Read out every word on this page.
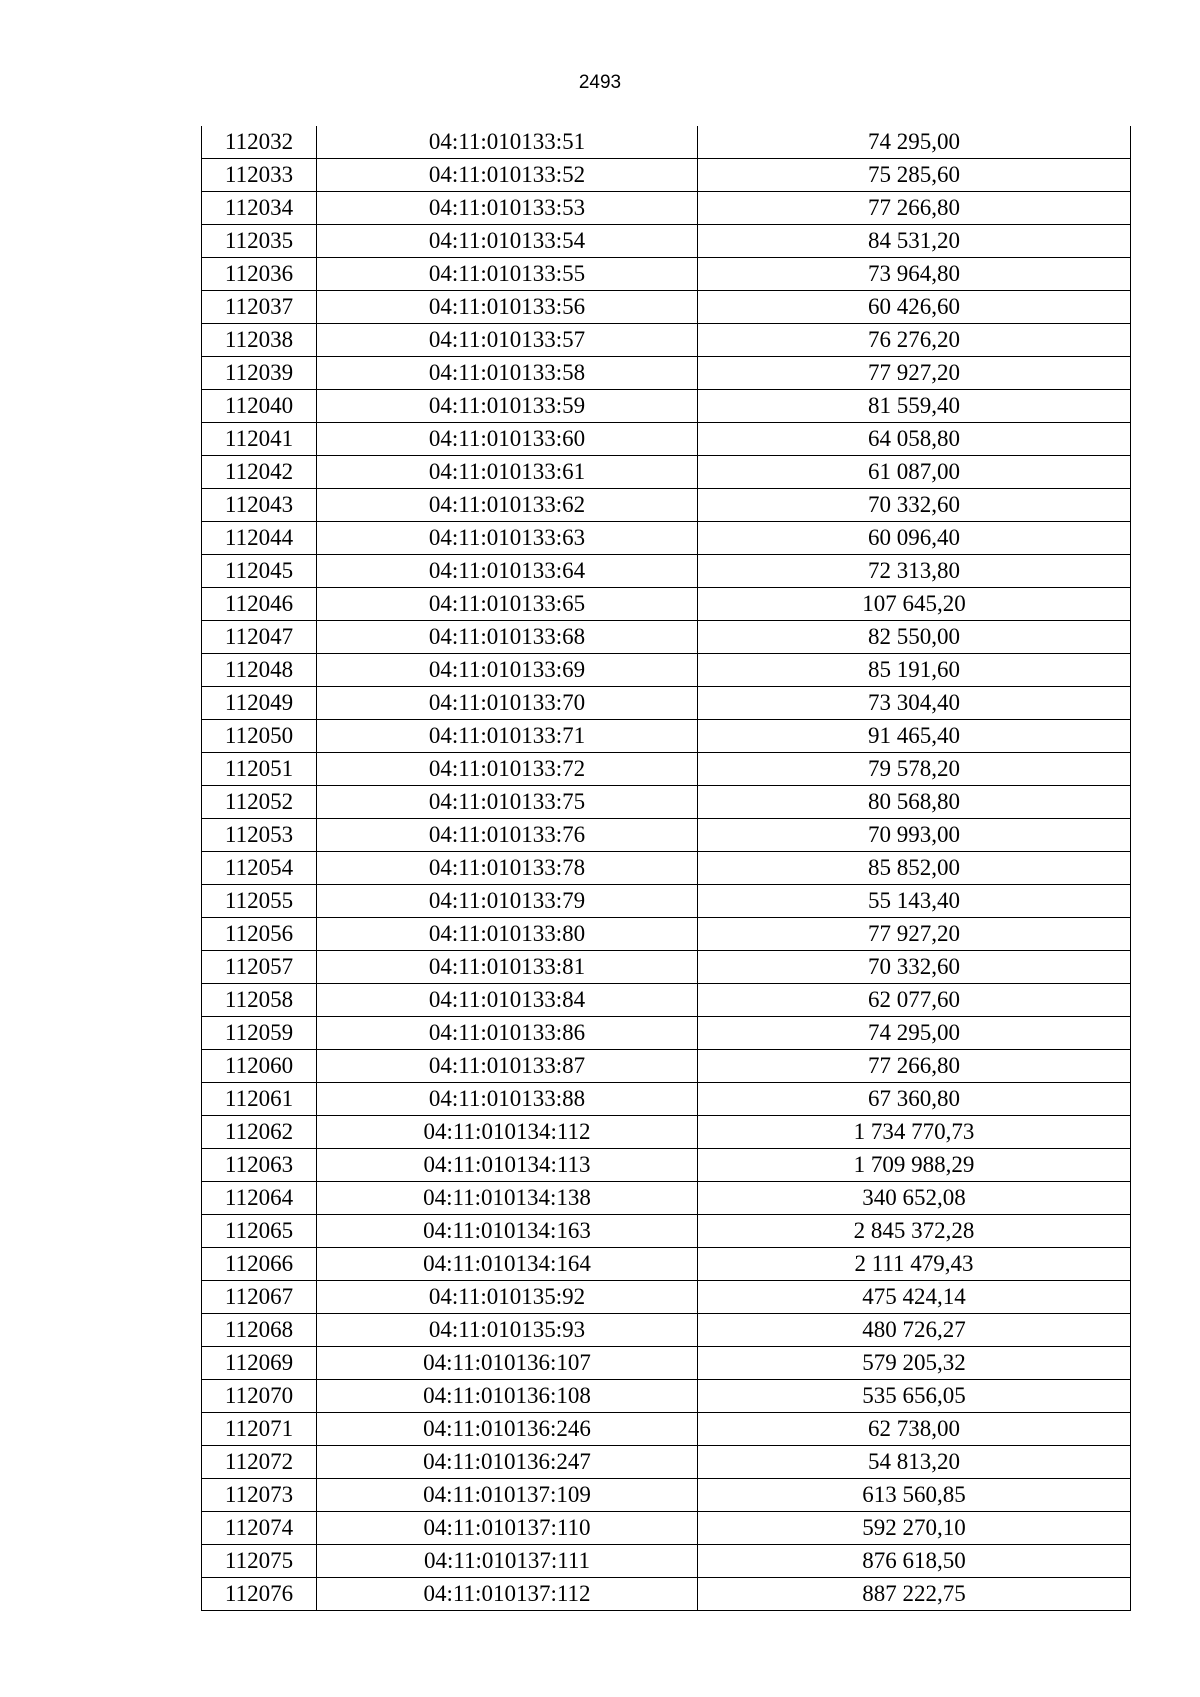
2493
112032	04:11:010133:51	74 295,00
112033	04:11:010133:52	75 285,60
112034	04:11:010133:53	77 266,80
112035	04:11:010133:54	84 531,20
112036	04:11:010133:55	73 964,80
112037	04:11:010133:56	60 426,60
112038	04:11:010133:57	76 276,20
112039	04:11:010133:58	77 927,20
112040	04:11:010133:59	81 559,40
112041	04:11:010133:60	64 058,80
112042	04:11:010133:61	61 087,00
112043	04:11:010133:62	70 332,60
112044	04:11:010133:63	60 096,40
112045	04:11:010133:64	72 313,80
112046	04:11:010133:65	107 645,20
112047	04:11:010133:68	82 550,00
112048	04:11:010133:69	85 191,60
112049	04:11:010133:70	73 304,40
112050	04:11:010133:71	91 465,40
112051	04:11:010133:72	79 578,20
112052	04:11:010133:75	80 568,80
112053	04:11:010133:76	70 993,00
112054	04:11:010133:78	85 852,00
112055	04:11:010133:79	55 143,40
112056	04:11:010133:80	77 927,20
112057	04:11:010133:81	70 332,60
112058	04:11:010133:84	62 077,60
112059	04:11:010133:86	74 295,00
112060	04:11:010133:87	77 266,80
112061	04:11:010133:88	67 360,80
112062	04:11:010134:112	1 734 770,73
112063	04:11:010134:113	1 709 988,29
112064	04:11:010134:138	340 652,08
112065	04:11:010134:163	2 845 372,28
112066	04:11:010134:164	2 111 479,43
112067	04:11:010135:92	475 424,14
112068	04:11:010135:93	480 726,27
112069	04:11:010136:107	579 205,32
112070	04:11:010136:108	535 656,05
112071	04:11:010136:246	62 738,00
112072	04:11:010136:247	54 813,20
112073	04:11:010137:109	613 560,85
112074	04:11:010137:110	592 270,10
112075	04:11:010137:111	876 618,50
112076	04:11:010137:112	887 222,75
